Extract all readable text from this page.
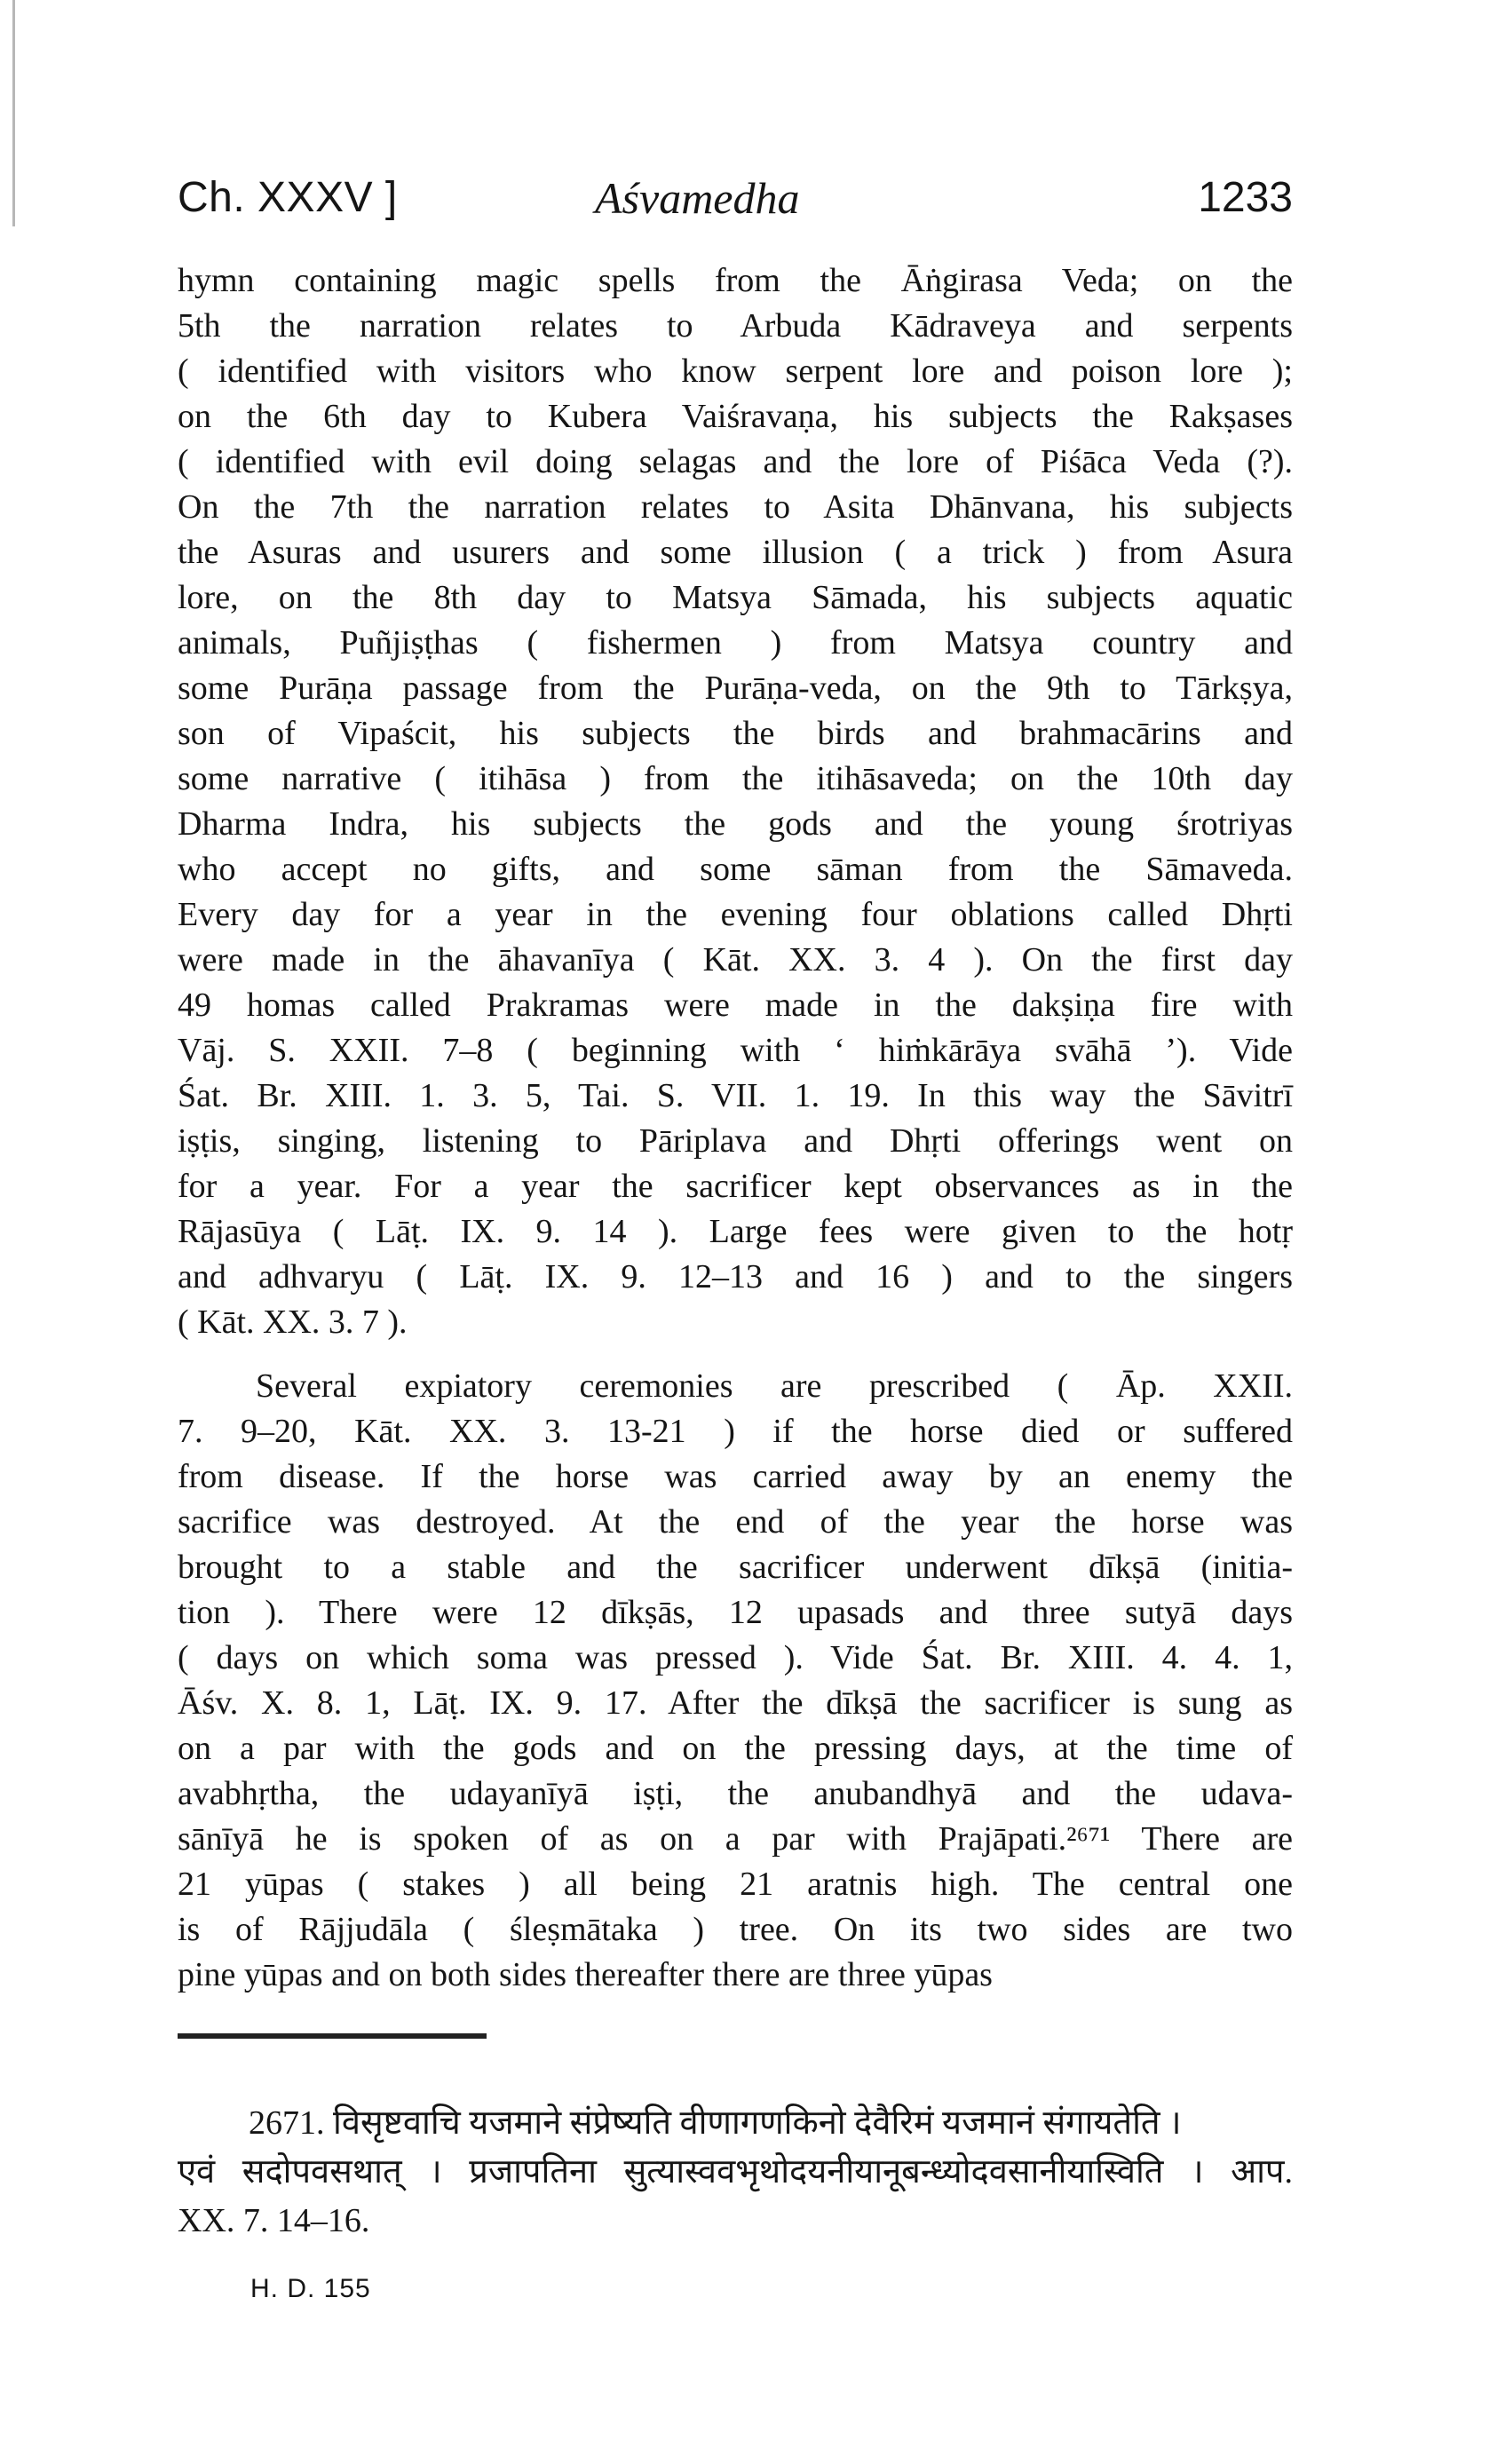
Ch. XXXV ]	Aśvamedha	1233

hymn containing magic spells from the Āṅgirasa Veda; on the
5th the narration relates to Arbuda Kādraveya and serpents
( identified with visitors who know serpent lore and poison lore );
on the 6th day to Kubera Vaiśravaṇa, his subjects the Rakṣases
( identified with evil doing selagas and the lore of Piśāca Veda (?).
On the 7th the narration relates to Asita Dhānvana, his subjects
the Asuras and usurers and some illusion ( a trick ) from Asura
lore, on the 8th day to Matsya Sāmada, his subjects aquatic
animals, Puñjiṣṭhas ( fishermen ) from Matsya country and
some Purāṇa passage from the Purāṇa-veda, on the 9th to Tārkṣya,
son of Vipaścit, his subjects the birds and brahmacārins and
some narrative ( itihāsa ) from the itihāsaveda; on the 10th day
Dharma Indra, his subjects the gods and the young śrotriyas
who accept no gifts, and some sāman from the Sāmaveda.
Every day for a year in the evening four oblations called Dhṛti
were made in the āhavanīya ( Kāt. XX. 3. 4 ). On the first day
49 homas called Prakramas were made in the dakṣiṇa fire with
Vāj. S. XXII. 7–8 ( beginning with ‘ hiṁkārāya svāhā ’). Vide
Śat. Br. XIII. 1. 3. 5, Tai. S. VII. 1. 19. In this way the Sāvitrī
iṣṭis, singing, listening to Pāriplava and Dhṛti offerings went on
for a year. For a year the sacrificer kept observances as in the
Rājasūya ( Lāṭ. IX. 9. 14 ). Large fees were given to the hotṛ
and adhvaryu ( Lāṭ. IX. 9. 12–13 and 16 ) and to the singers
( Kāt. XX. 3. 7 ).

Several expiatory ceremonies are prescribed ( Āp. XXII.
7. 9–20, Kāt. XX. 3. 13-21 ) if the horse died or suffered
from disease. If the horse was carried away by an enemy the
sacrifice was destroyed. At the end of the year the horse was
brought to a stable and the sacrificer underwent dīkṣā (initia-
tion ). There were 12 dīkṣās, 12 upasads and three sutyā days
( days on which soma was pressed ). Vide Śat. Br. XIII. 4. 4. 1,
Āśv. X. 8. 1, Lāṭ. IX. 9. 17. After the dīkṣā the sacrificer is sung as
on a par with the gods and on the pressing days, at the time of
avabhṛtha, the udayanīyā iṣṭi, the anubandhyā and the udava-
sānīyā he is spoken of as on a par with Prajāpati.²⁶⁷¹ There are
21 yūpas ( stakes ) all being 21 aratnis high. The central one
is of Rājjudāla ( śleṣmātaka ) tree. On its two sides are two
pine yūpas and on both sides thereafter there are three yūpas

2671. विसृष्टवाचि यजमाने संप्रेष्यति वीणागणकिनो देवैरिमं यजमानं संगायतेति ।
एवं सदोपवसथात् । प्रजापतिना सुत्यास्ववभृथोदयनीयानूबन्ध्योदवसानीयास्विति । आप.
XX. 7. 14–16.
H. D. 155
